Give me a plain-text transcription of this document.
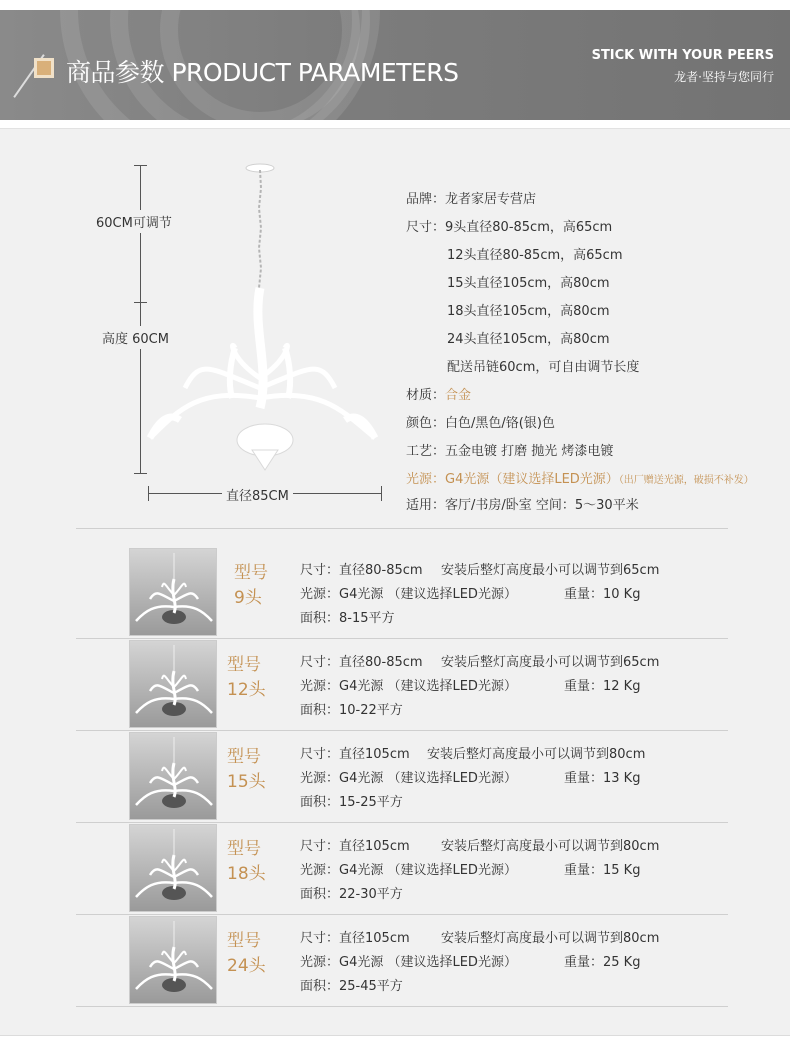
商品参数 PRODUCT PARAMETERS
STICK WITH YOUR PEERS
龙者·坚持与您同行
60CM可调节
高度 60CM
直径85CM
品牌：龙者家居专营店
尺寸：9头直径80-85cm，高65cm
12头直径80-85cm，高65cm
15头直径105cm，高80cm
18头直径105cm，高80cm
24头直径105cm，高80cm
配送吊链60cm，可自由调节长度
材质：合金
颜色：白色/黑色/铬(银)色
工艺：五金电镀 打磨 抛光 烤漆电镀
光源：G4光源（建议选择LED光源）（出厂赠送光源，破损不补发）
适用：客厅/书房/卧室 空间：5～30平米
型号
9头
尺寸：直径80-85cm 安装后整灯高度最小可以调节到65cm
光源：G4光源 （建议选择LED光源）	重量：10 Kg
面积：8-15平方
型号
12头
尺寸：直径80-85cm 安装后整灯高度最小可以调节到65cm
光源：G4光源 （建议选择LED光源）	重量：12 Kg
面积：10-22平方
型号
15头
尺寸：直径105cm 安装后整灯高度最小可以调节到80cm
光源：G4光源 （建议选择LED光源）	重量：13 Kg
面积：15-25平方
型号
18头
尺寸：直径105cm 安装后整灯高度最小可以调节到80cm
光源：G4光源 （建议选择LED光源）	重量：15 Kg
面积：22-30平方
型号
24头
尺寸：直径105cm 安装后整灯高度最小可以调节到80cm
光源：G4光源 （建议选择LED光源）	重量：25 Kg
面积：25-45平方
